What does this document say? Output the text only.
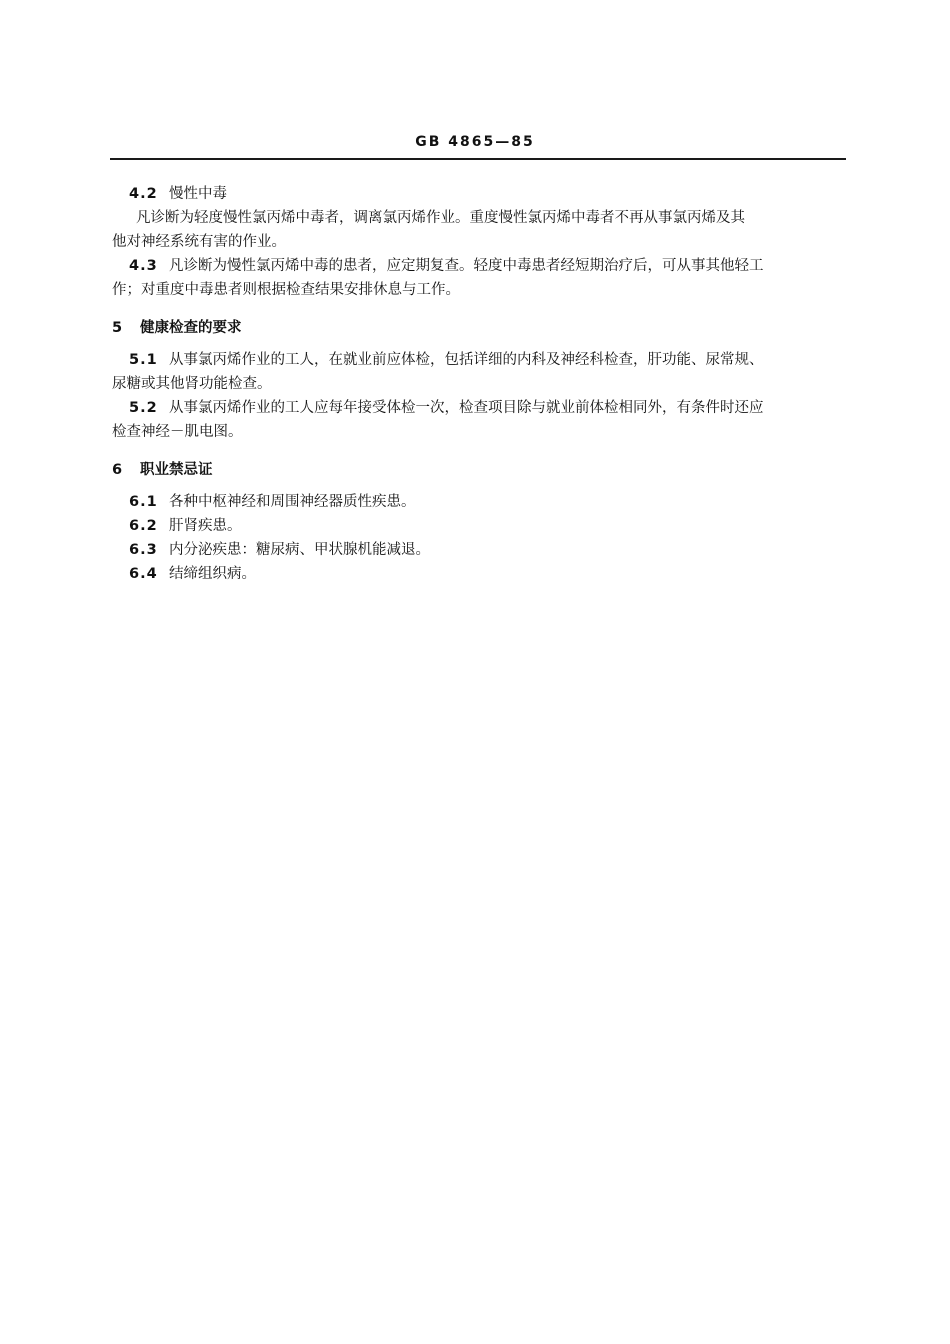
GB 4865—85
4.2 慢性中毒
凡诊断为轻度慢性氯丙烯中毒者，调离氯丙烯作业。重度慢性氯丙烯中毒者不再从事氯丙烯及其
他对神经系统有害的作业。
4.3 凡诊断为慢性氯丙烯中毒的患者，应定期复查。轻度中毒患者经短期治疗后，可从事其他轻工
作；对重度中毒患者则根据检查结果安排休息与工作。
5 健康检查的要求
5.1 从事氯丙烯作业的工人，在就业前应体检，包括详细的内科及神经科检查，肝功能、尿常规、
尿糖或其他肾功能检查。
5.2 从事氯丙烯作业的工人应每年接受体检一次，检查项目除与就业前体检相同外，有条件时还应
检查神经－肌电图。
6 职业禁忌证
6.1 各种中枢神经和周围神经器质性疾患。
6.2 肝肾疾患。
6.3 内分泌疾患：糖尿病、甲状腺机能减退。
6.4 结缔组织病。
